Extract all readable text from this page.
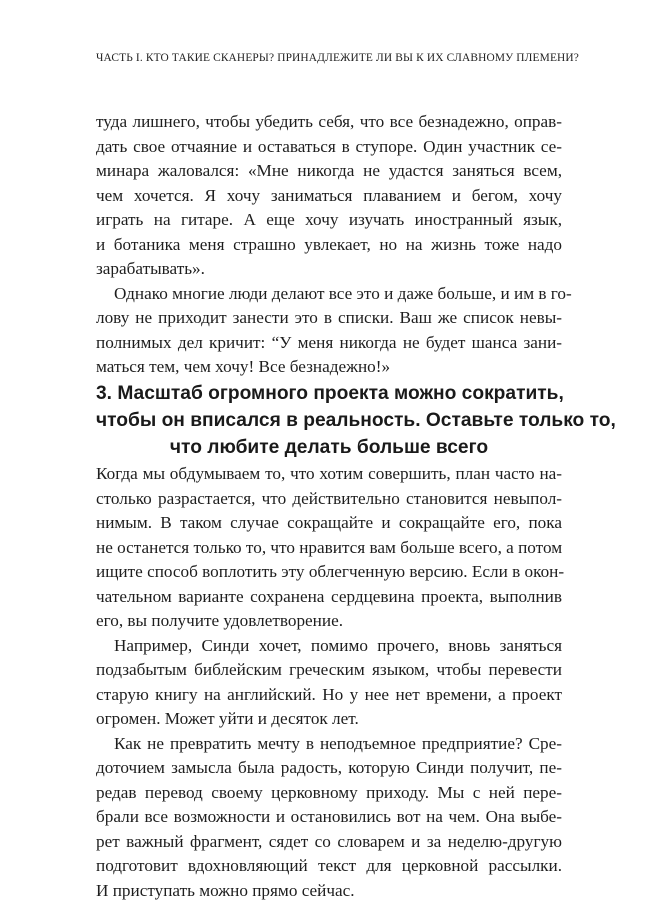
ЧАСТЬ I. КТО ТАКИЕ СКАНЕРЫ? ПРИНАДЛЕЖИТЕ ЛИ ВЫ К ИХ СЛАВНОМУ ПЛЕМЕНИ?
туда лишнего, чтобы убедить себя, что все безнадежно, оправ-
дать свое отчаяние и оставаться в ступоре. Один участник се-
минара жаловался: «Мне никогда не удастся заняться всем,
чем хочется. Я хочу заниматься плаванием и бегом, хочу
играть на гитаре. А еще хочу изучать иностранный язык,
и ботаника меня страшно увлекает, но на жизнь тоже надо
зарабатывать».
Однако многие люди делают все это и даже больше, и им в го-
лову не приходит занести это в списки. Ваш же список невы-
полнимых дел кричит: “У меня никогда не будет шанса зани-
маться тем, чем хочу! Все безнадежно!»
3. Масштаб огромного проекта можно сократить,
чтобы он вписался в реальность. Оставьте только то,
что любите делать больше всего
Когда мы обдумываем то, что хотим совершить, план часто на-
столько разрастается, что действительно становится невыпол-
нимым. В таком случае сокращайте и сокращайте его, пока
не останется только то, что нравится вам больше всего, а потом
ищите способ воплотить эту облегченную версию. Если в окон-
чательном варианте сохранена сердцевина проекта, выполнив
его, вы получите удовлетворение.
Например, Синди хочет, помимо прочего, вновь заняться
подзабытым библейским греческим языком, чтобы перевести
старую книгу на английский. Но у нее нет времени, а проект
огромен. Может уйти и десяток лет.
Как не превратить мечту в неподъемное предприятие? Сре-
доточием замысла была радость, которую Синди получит, пе-
редав перевод своему церковному приходу. Мы с ней пере-
брали все возможности и остановились вот на чем. Она выбе-
рет важный фрагмент, сядет со словарем и за неделю-другую
подготовит вдохновляющий текст для церковной рассылки.
И приступать можно прямо сейчас.
